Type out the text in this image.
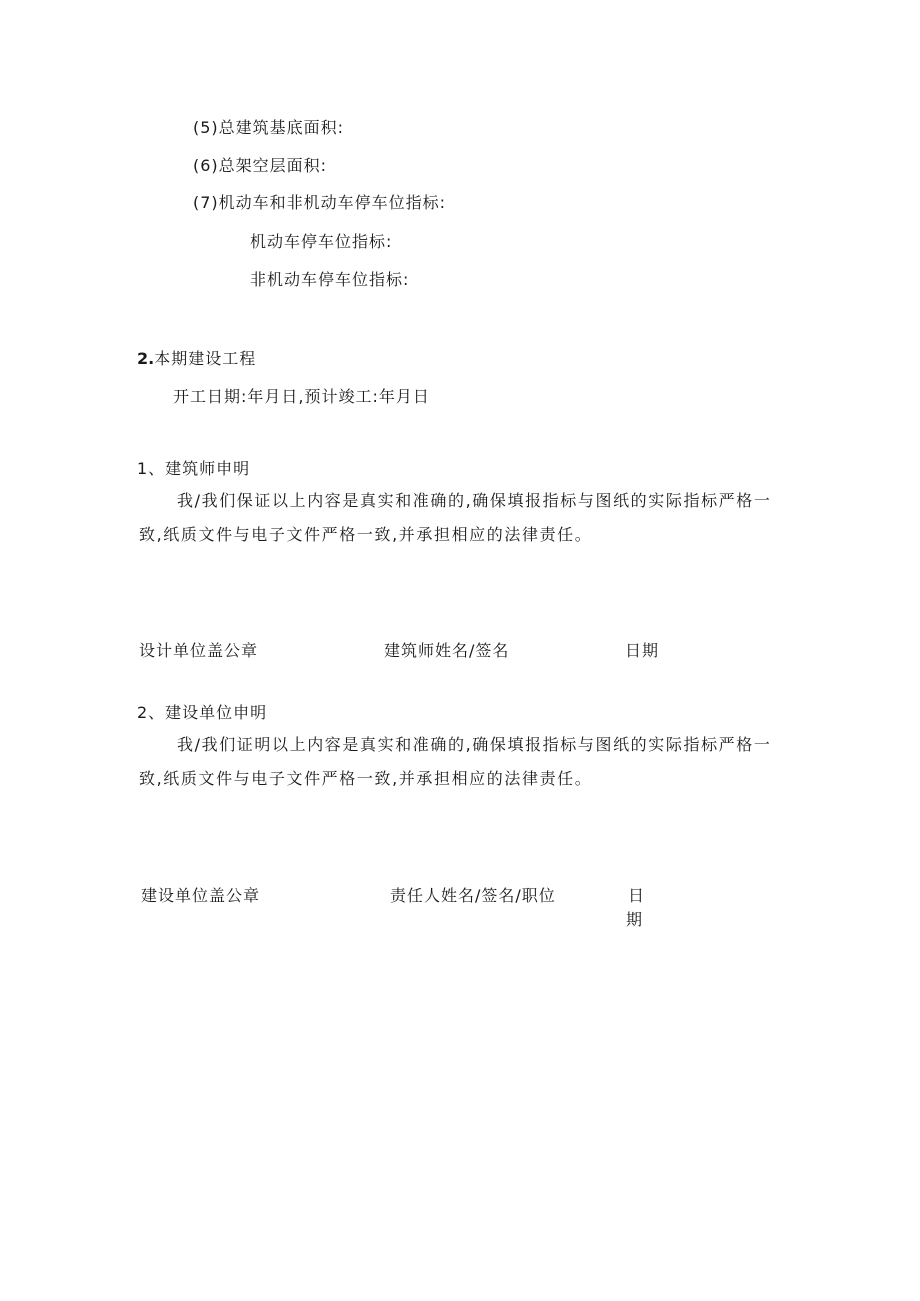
(5)总建筑基底面积:
(6)总架空层面积:
(7)机动车和非机动车停车位指标:
机动车停车位指标:
非机动车停车位指标:
2.本期建设工程
开工日期:年月日,预计竣工:年月日
1、建筑师申明

我/我们保证以上内容是真实和准确的,确保填报指标与图纸的实际指标严格一致,纸质文件与电子文件严格一致,并承担相应的法律责任。

设计单位盖公章	建筑师姓名/签名	日期
2、建设单位申明

我/我们证明以上内容是真实和准确的,确保填报指标与图纸的实际指标严格一致,纸质文件与电子文件严格一致,并承担相应的法律责任。

建设单位盖公章	责任人姓名/签名/职位	日
期
